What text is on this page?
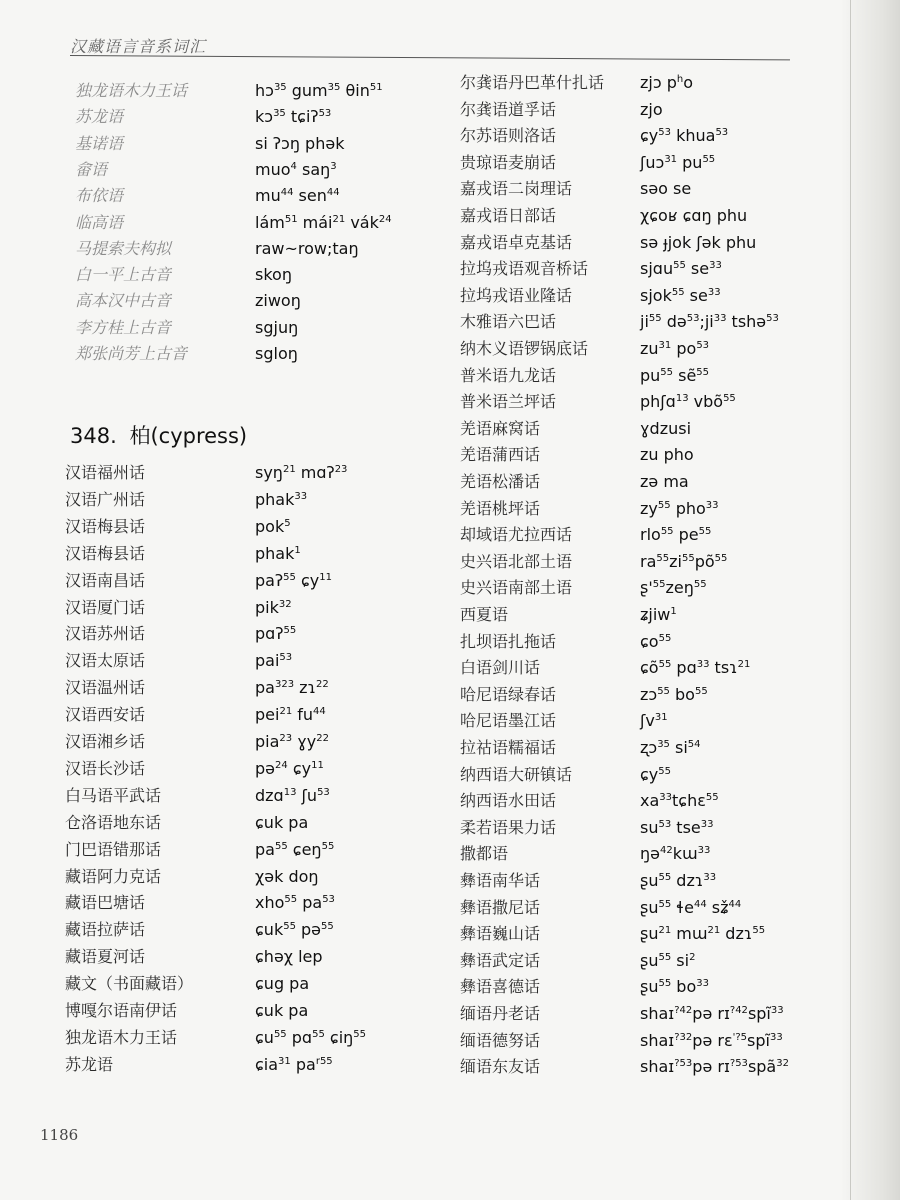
汉藏语言音系词汇
348. 柏(cypress)
独龙语木力王话	hɔ$^{35}$ gum$^{35}$ θin$^{51}$
苏龙语	kɔ$^{35}$ tɕiʔ$^{53}$
基诺语	si ʔɔŋ phək
畲语	muo$^4$ saŋ$^3$
布依语	$mu^{44}$ sen$^{44}$
临高语	lám$^{51}$ mái$^{21}$ vák$^{24}$
马提索夫构拟	raw~row;taŋ
白一平上古音	skoŋ
高本汉中古音	ziwoŋ
李方桂上古音	sgjuŋ
郑张尚芳上古音	sgloŋ
汉语福州话	syŋ$^{21}$ mɑʔ$^{23}$
汉语广州话	phak$^{33}$
汉语梅县话	pok$^5$
汉语梅县话	phak$^1$
汉语南昌话	paʔ$^{55}$ ɕy$^{11}$
汉语厦门话	pik$^{32}$
汉语苏州话	pɑʔ$^{55}$
汉语太原话	pai$^{53}$
汉语温州话	$pa^{323}$ zɿ$^{22}$
汉语西安话	pei$^{21}$ $fu^{44}$
汉语湘乡话	pia$^{23}$ ɣy$^{22}$
汉语长沙话	pə$^{24}$ ɕy$^{11}$
白马语平武话	dzɑ$^{13}$ ʃu$^{53}$
仓洛语地东话	ɕuk pa
门巴语错那话	$pa^{55}$ ɕeŋ$^{55}$
藏语阿力克话	χək doŋ
藏语巴塘话	xho$^{55}$ $pa^{53}$
藏语拉萨话	ɕuk$^{55}$ pə$^{55}$
藏语夏河话	ɕhəχ lep
藏文（书面藏语）	ɕug pa
博嘎尔语南伊话	ɕuk pa
独龙语木力王话	ɕu$^{55}$ pɑ$^{55}$ ɕiŋ$^{55}$
苏龙语	ɕia$^{31}$ $pa^{r55}$
尔龚语丹巴革什扎话	zjɔ $p^ho$
尔龚语道孚话	zjo
尔苏语则洛话	ɕy$^{53}$ khua$^{53}$
贵琼语麦崩话	ʃuɔ$^{31}$ $pu^{55}$
嘉戎语二岗理话	səo se
嘉戎语日部话	χɕoʁ ɕɑŋ phu
嘉戎语卓克基话	sə ɟjok ʃək phu
拉坞戎语观音桥话	sjɑu$^{55}$ $se^{33}$
拉坞戎语业隆话	sjok$^{55}$ $se^{33}$
木雅语六巴话	$ji^{55}$ $də^{53};ji^{33}$ tshə$^{53}$
纳木义语锣锅底话	$zu^{31}$ $po^{53}$
普米语九龙话	$pu^{55}$ sẽ$^{55}$
普米语兰坪话	phʃɑ$^{13}$ vbõ$^{55}$
羌语麻窝话	ɣdzusi
羌语蒲西话	zu pho
羌语松潘话	zə ma
羌语桃坪话	$zy^{55}$ pho$^{33}$
却域语尤拉西话	rlo$^{55}$ $pe^{55}$
史兴语北部土语	$ra^{55}zi^{55}põ^{55}$
史兴语南部土语	$ʂ'^{55}zeŋ^{55}$
西夏语	ʑjiw$^1$
扎坝语扎拖话	ɕo$^{55}$
白语剑川话	ɕõ$^{55}$ pɑ$^{33}$ tsɿ$^{21}$
哈尼语绿春话	zɔ$^{55}$ $bo^{55}$
哈尼语墨江话	ʃv$^{31}$
拉祜语糯福话	ʐɔ$^{35}$ $si^{54}$
纳西语大研镇话	ɕy$^{55}$
纳西语水田话	$xa^{33}tɕhɛ^{55}$
柔若语果力话	$su^{53}$ tse$^{33}$
撒都语	ŋə$^{42}$kɯ$^{33}$
彝语南华话	ʂu$^{55}$ dzɿ$^{33}$
彝语撒尼话	ʂu$^{55}$ ɬe$^{44}$ sʑ̌$^{44}$
彝语巍山话	ʂu$^{21}$ mɯ$^{21}$ dzɿ$^{55}$
彝语武定话	ʂu$^{55}$ $si^2$
彝语喜德话	ʂu$^{55}$ $bo^{33}$
缅语丹老话	shaɪ$^{?42}$pə rɪ$^{?42}$spĩ$^{33}$
缅语德努话	shaɪ$^{?32}$pə rɛ$^{'?5}$spĩ$^{33}$
缅语东友话	shaɪ$^{?53}$pə rɪ$^{?53}$spã$^{32}$
1186
